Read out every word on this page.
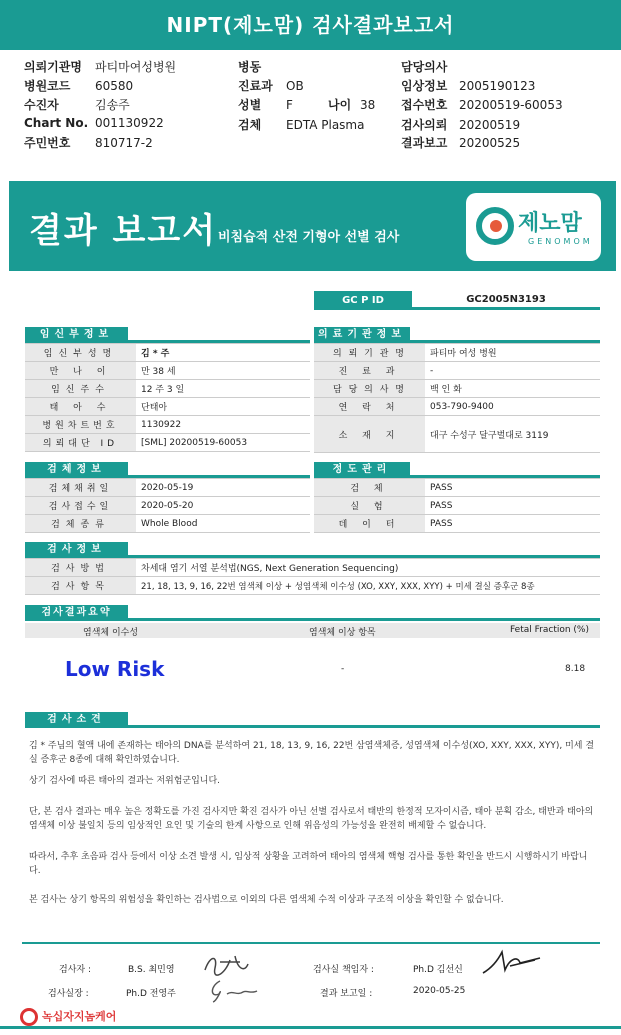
NIPT(제노맘) 검사결과보고서
의뢰기관명 파티마여성병원	병동	담당의사
병원코드 60580	진료과 OB	임상정보 2005190123
수진자	김송주	성별 F	나이 38 접수번호 20200519-60053
Chart No. 001130922	검체 EDTA Plasma	검사의뢰 20200519
주민번호 810717-2	결과보고 20200525
결과 보고서 비침습적 산전 기형아 선별 검사
제노맘
GENOMOM
GC P ID	GC2005N3193
임신부정보
임신부성명	김 * 주
만 나 이	만 38 세
임신주수	12 주 3 일
태 아 수	단태아
병원차트번호	1130922
의뢰대단 ID	[SML] 20200519-60053
의료기관정보
의 뢰 기 관 명	파티마 여성 병원
진 료 과	-
담 당 의 사 명	백 인 화
연 락 처	053-790-9400
소 재 지	대구 수성구 달구벌대로 3119
검체정보
검체채취일	2020-05-19
검사접수일	2020-05-20
검체종류	Whole Blood
정도관리
검 체	PASS
실 험	PASS
데 이 터	PASS
검사정보
검사방법	차세대 염기 서열 분석법(NGS, Next Generation Sequencing)
검사항목	21, 18, 13, 9, 16, 22번 염색체 이상 + 성염색체 이수성 (XO, XXY, XXX, XYY) + 미세 결실 증후군 8종
검사결과요약
염색체 이수성	염색체 이상 항목	Fetal Fraction (%)
Low Risk	-	8.18
검사소견
김 * 주님의 혈액 내에 존재하는 태아의 DNA를 분석하여 21, 18, 13, 9, 16, 22번 삼염색체증, 성염색체 이수성(XO, XXY, XXX, XYY), 미세 결실 증후군 8종에 대해 확인하였습니다.
상기 검사에 따른 태아의 결과는 저위험군입니다.
단, 본 검사 결과는 매우 높은 정확도를 가진 검사지만 확진 검사가 아닌 선별 검사로서 태반의 한정적 모자이시즘, 태아 분획 감소, 태반과 태아의 염색체 이상 불일치 등의 임상적인 요인 및 기술의 한계 사항으로 인해 위음성의 가능성을 완전히 배제할 수 없습니다.
따라서, 추후 초음파 검사 등에서 이상 소견 발생 시, 임상적 상황을 고려하여 태아의 염색체 핵형 검사를 통한 확인을 반드시 시행하시기 바랍니다.
본 검사는 상기 항목의 위험성을 확인하는 검사법으로 이외의 다른 염색체 수적 이상과 구조적 이상을 확인할 수 없습니다.
검사자 :	B.S. 최민영	검사실 책임자 :	Ph.D 김선신
검사실장 :	Ph.D 전영주	결과 보고일 :	2020-05-25
녹십자지놈케어
